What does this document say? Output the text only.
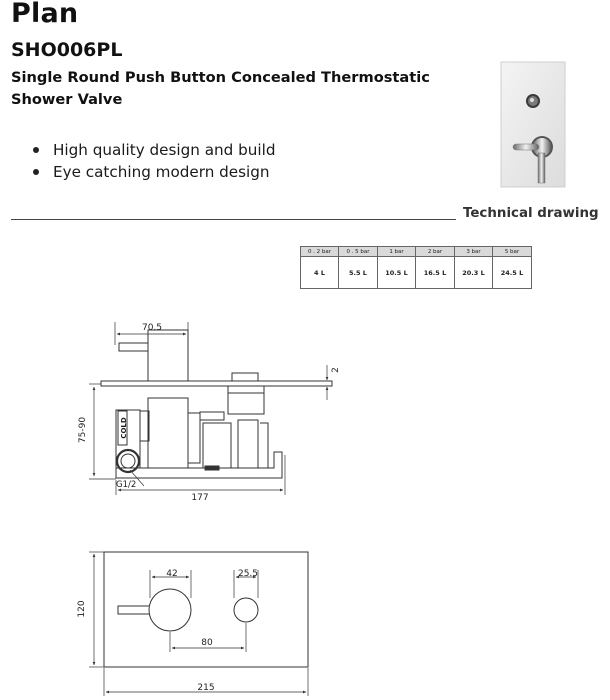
Plan
SHO006PL
Single Round Push Button Concealed Thermostatic Shower Valve
High quality design and build
Eye catching modern design
Technical drawing
0 . 2 bar	0 . 5 bar	1 bar	2 bar	3 bar	5 bar
4 L	5.5 L	10.5 L	16.5 L	20.3 L	24.5 L
70.5
2
75-90	COLD
G1/2
177
42	25.5
120
80
215
